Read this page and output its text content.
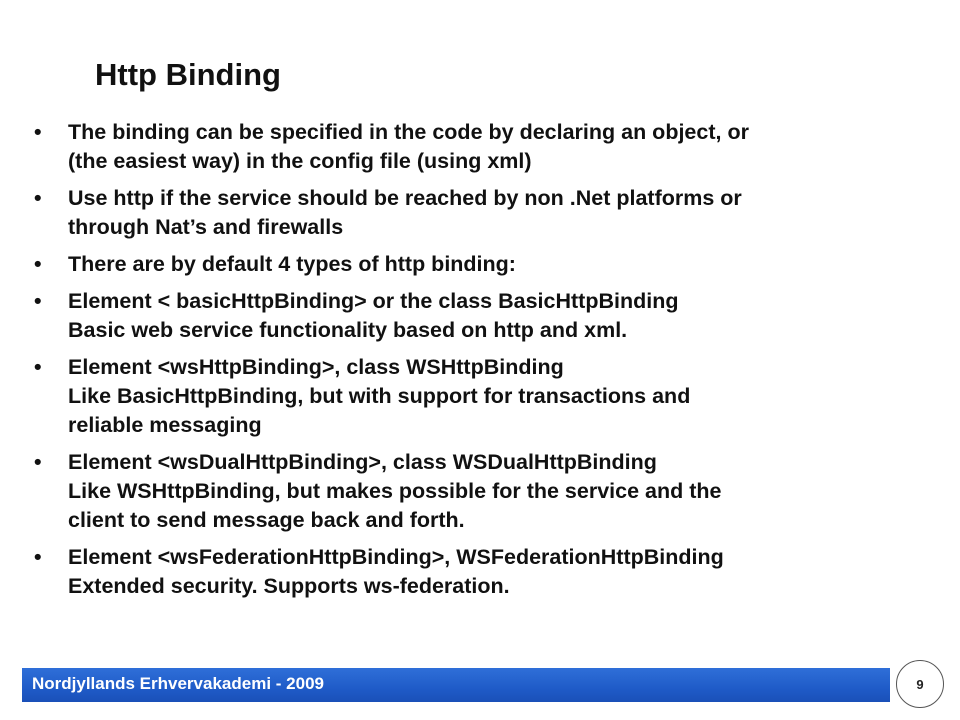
Http Binding
• The binding can be specified in the code by declaring an object, or
(the easiest way) in the config file (using xml)
• Use http if the service should be reached by non .Net platforms or
through Nat’s and firewalls
• There are by default 4 types of http binding:
• Element < basicHttpBinding> or the class BasicHttpBinding
Basic web service functionality based on http and xml.
• Element <wsHttpBinding>, class WSHttpBinding
Like BasicHttpBinding, but with support for transactions and
reliable messaging
• Element <wsDualHttpBinding>, class WSDualHttpBinding
Like WSHttpBinding, but makes possible for the service and the
client to send message back and forth.
• Element <wsFederationHttpBinding>, WSFederationHttpBinding
Extended security. Supports ws-federation.
Nordjyllands Erhvervakademi - 2009	9
